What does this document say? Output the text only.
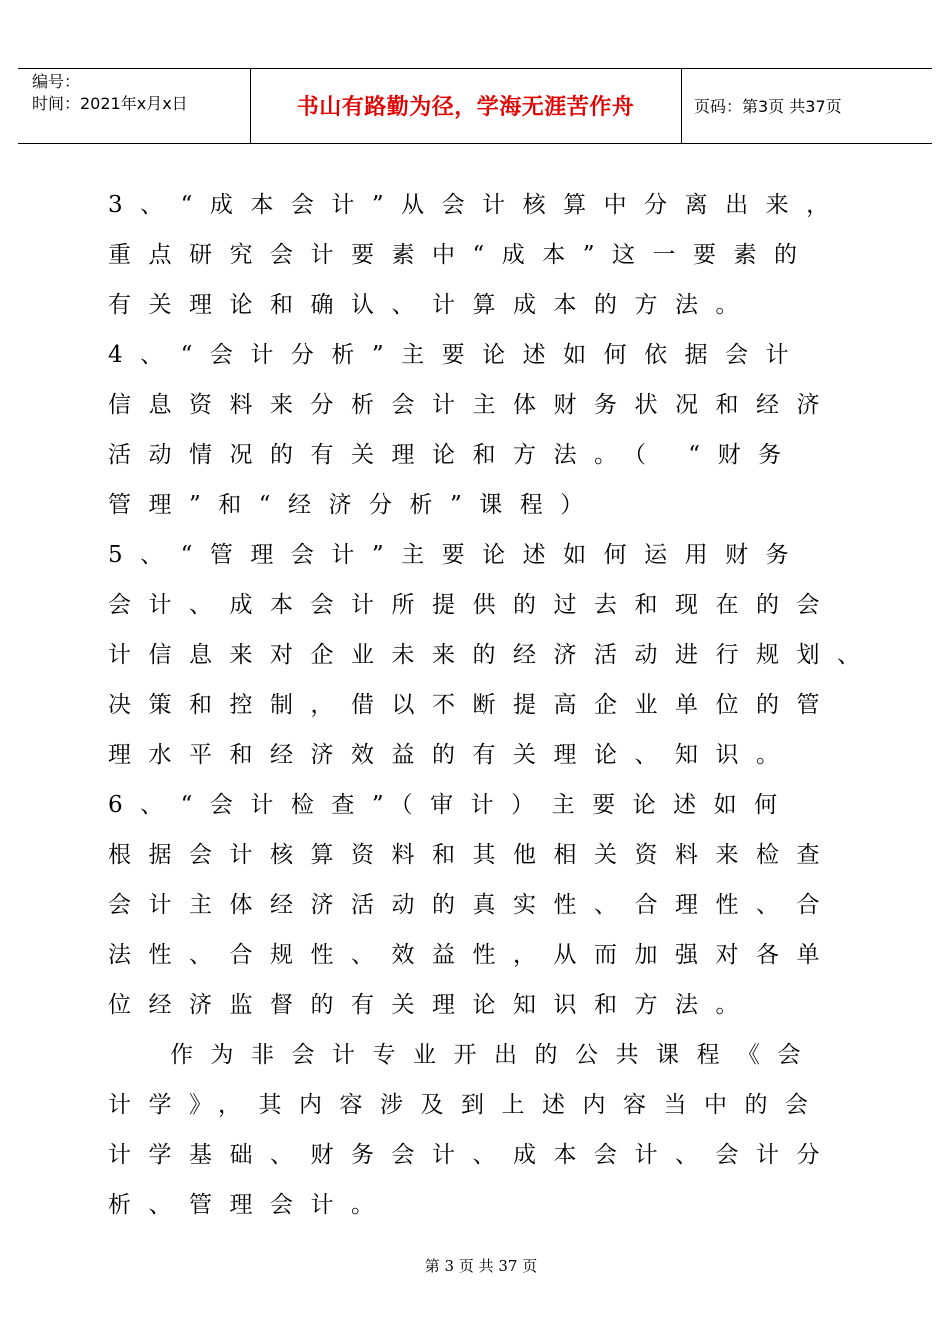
编号：
时间：2021年x月x日	书山有路勤为径，学海无涯苦作舟	页码：第3页 共37页
3、“成本会计”从会计核算中分离出来，
重点研究会计要素中“成本”这一要素的
有关理论和确认、计算成本的方法。
4、“会计分析”主要论述如何依据会计
信息资料来分析会计主体财务状况和经济
活动情况的有关理论和方法。（ “财务
管理”和“经济分析”课程）
5、“管理会计”主要论述如何运用财务
会计、成本会计所提供的过去和现在的会
计信息来对企业未来的经济活动进行规划、
决策和控制，借以不断提高企业单位的管
理水平和经济效益的有关理论、知识。
6、“会计检查”（审计）主要论述如何
根据会计核算资料和其他相关资料来检查
会计主体经济活动的真实性、合理性、合
法性、合规性、效益性，从而加强对各单
位经济监督的有关理论知识和方法。
作为非会计专业开出的公共课程《会
计学》，其内容涉及到上述内容当中的会
计学基础、财务会计、成本会计、会计分
析、管理会计。
第 3 页 共 37 页
